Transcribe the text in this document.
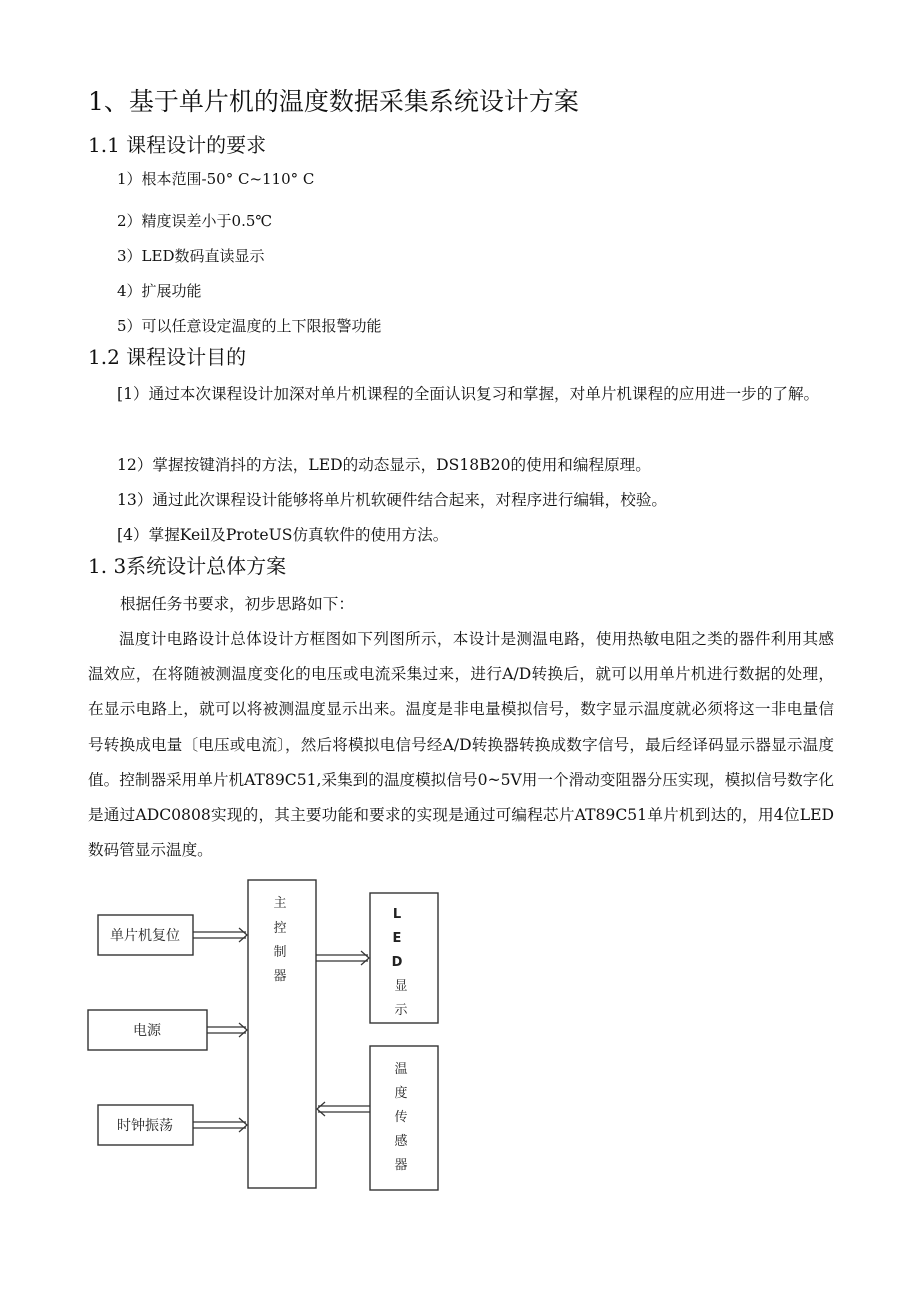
1、基于单片机的温度数据采集系统设计方案
1.1 课程设计的要求
1）根本范围-50° C~110° C
2）精度误差小于0.5℃
3）LED数码直读显示
4）扩展功能
5）可以任意设定温度的上下限报警功能
1.2 课程设计目的

[1）通过本次课程设计加深对单片机课程的全面认识复习和掌握，对单片机课程的应用进一步的了解。

12）掌握按键消抖的方法，LED的动态显示，DS18B20的使用和编程原理。

13）通过此次课程设计能够将单片机软硬件结合起来，对程序进行编辑，校验。

[4）掌握Keil及ProteUS仿真软件的使用方法。

1. 3系统设计总体方案

根据任务书要求，初步思路如下：

温度计电路设计总体设计方框图如下列图所示，本设计是测温电路，使用热敏电阻之类的器件利用其感温效应，在将随被测温度变化的电压或电流采集过来，进行A/D转换后，就可以用单片机进行数据的处理，在显示电路上，就可以将被测温度显示出来。温度是非电量模拟信号，数字显示温度就必须将这一非电量信号转换成电量〔电压或电流〕，然后将模拟电信号经A/D转换器转换成数字信号，最后经译码显示器显示温度值。控制器采用单片机AT89C51,采集到的温度模拟信号0~5V用一个滑动变阻器分压实现，模拟信号数字化是通过ADC0808实现的，其主要功能和要求的实现是通过可编程芯片AT89C51单片机到达的，用4位LED数码管显示温度。

单片机复位
电源
时钟振荡
主
控
制
器
L
E
D
显
示
温
度
传
感
器
